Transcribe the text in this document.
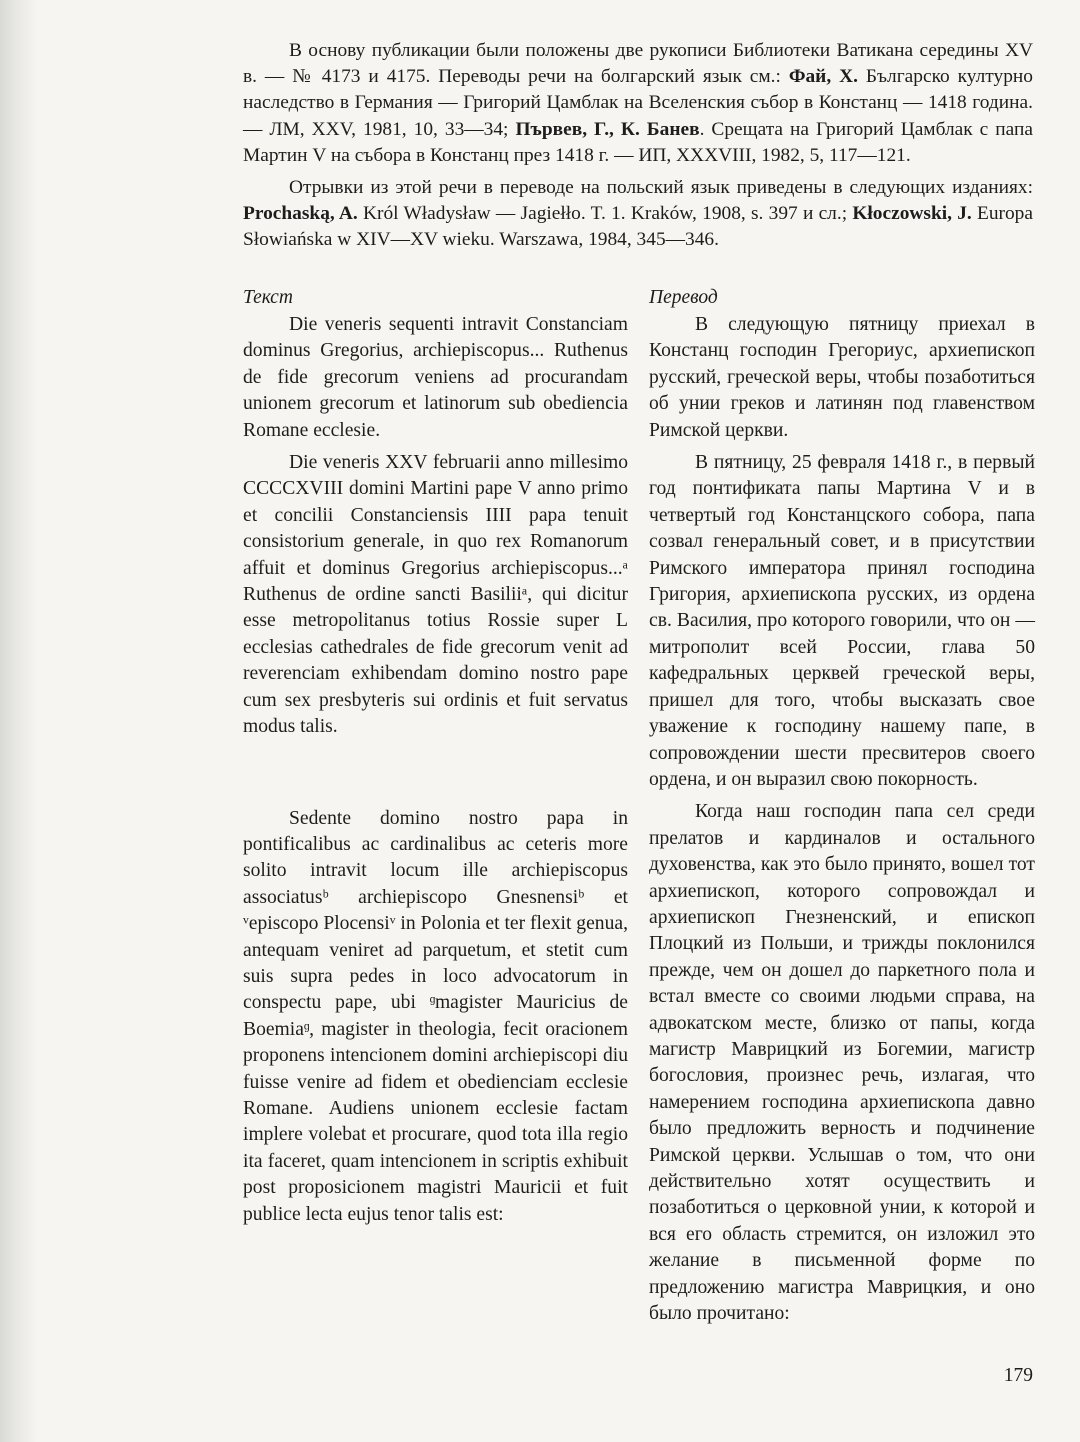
В основу публикации были положены две рукописи Библиотеки Ватикана середины XV в. — № 4173 и 4175. Переводы речи на болгарский язык см.: Фай, Х. Българско културно наследство в Германия — Григорий Цамблак на Вселенския събор в Констанц — 1418 година. — ЛМ, XXV, 1981, 10, 33—34; Първев, Г., К. Банев. Срещата на Григорий Цамблак с папа Мартин V на събора в Констанц през 1418 г. — ИП, XXXVIII, 1982, 5, 117—121.

Отрывки из этой речи в переводе на польский язык приведены в следующих изданиях: Prochaską, A. Król Władysław — Jagiełło. T. 1. Kraków, 1908, s. 397 и сл.; Kłoczowski, J. Europa Słowiańska w XIV—XV wieku. Warszawa, 1984, 345—346.

Текст

Die veneris sequenti intravit Constanciam dominus Gregorius, archiepiscopus... Ruthenus de fide grecorum veniens ad procurandam unionem grecorum et latinorum sub obediencia Romane ecclesie.

Die veneris XXV februarii anno millesimo CCCCXVIII domini Martini pape V anno primo et concilii Constanciensis IIII papa tenuit consistorium generale, in quo rex Romanorum affuit et dominus Gregorius archiepiscopus...ᵃ Ruthenus de ordine sancti Basiliiᵃ, qui dicitur esse metropolitanus totius Rossie super L ecclesias cathedrales de fide grecorum venit ad reverenciam exhibendam domino nostro pape cum sex presbyteris sui ordinis et fuit servatus modus talis.

Sedente domino nostro papa in pontificalibus ac cardinalibus ac ceteris more solito intravit locum ille archiepiscopus associatusᵇ archiepiscopo Gnesnensiᵇ et ᵛepiscopo Plocensiᵛ in Polonia et ter flexit genua, antequam veniret ad parquetum, et stetit cum suis supra pedes in loco advocatorum in conspectu pape, ubi ᶢmagister Mauricius de Boemiaᶢ, magister in theologia, fecit oracionem proponens intencionem domini archiepiscopi diu fuisse venire ad fidem et obedienciam ecclesie Romane. Audiens unionem ecclesie factam implere volebat et procurare, quod tota illa regio ita faceret, quam intencionem in scriptis exhibuit post proposicionem magistri Mauricii et fuit publice lecta eujus tenor talis est:

Перевод

В следующую пятницу приехал в Констанц господин Грегориус, архиепископ русский, греческой веры, чтобы позаботиться об унии греков и латинян под главенством Римской церкви.

В пятницу, 25 февраля 1418 г., в первый год понтификата папы Мартина V и в четвертый год Констанцского собора, папа созвал генеральный совет, и в присутствии Римского императора принял господина Григория, архиепископа русских, из ордена св. Василия, про которого говорили, что он — митрополит всей России, глава 50 кафедральных церквей греческой веры, пришел для того, чтобы высказать свое уважение к господину нашему папе, в сопровождении шести пресвитеров своего ордена, и он выразил свою покорность.

Когда наш господин папа сел среди прелатов и кардиналов и остального духовенства, как это было принято, вошел тот архиепископ, которого сопровождал и архиепископ Гнезненский, и епископ Плоцкий из Польши, и трижды поклонился прежде, чем он дошел до паркетного пола и встал вместе со своими людьми справа, на адвокатском месте, близко от папы, когда магистр Маврицкий из Богемии, магистр богословия, произнес речь, излагая, что намерением господина архиепископа давно было предложить верность и подчинение Римской церкви. Услышав о том, что они действительно хотят осуществить и позаботиться о церковной унии, к которой и вся его область стремится, он изложил это желание в письменной форме по предложению магистра Маврицкия, и оно было прочитано:

179
